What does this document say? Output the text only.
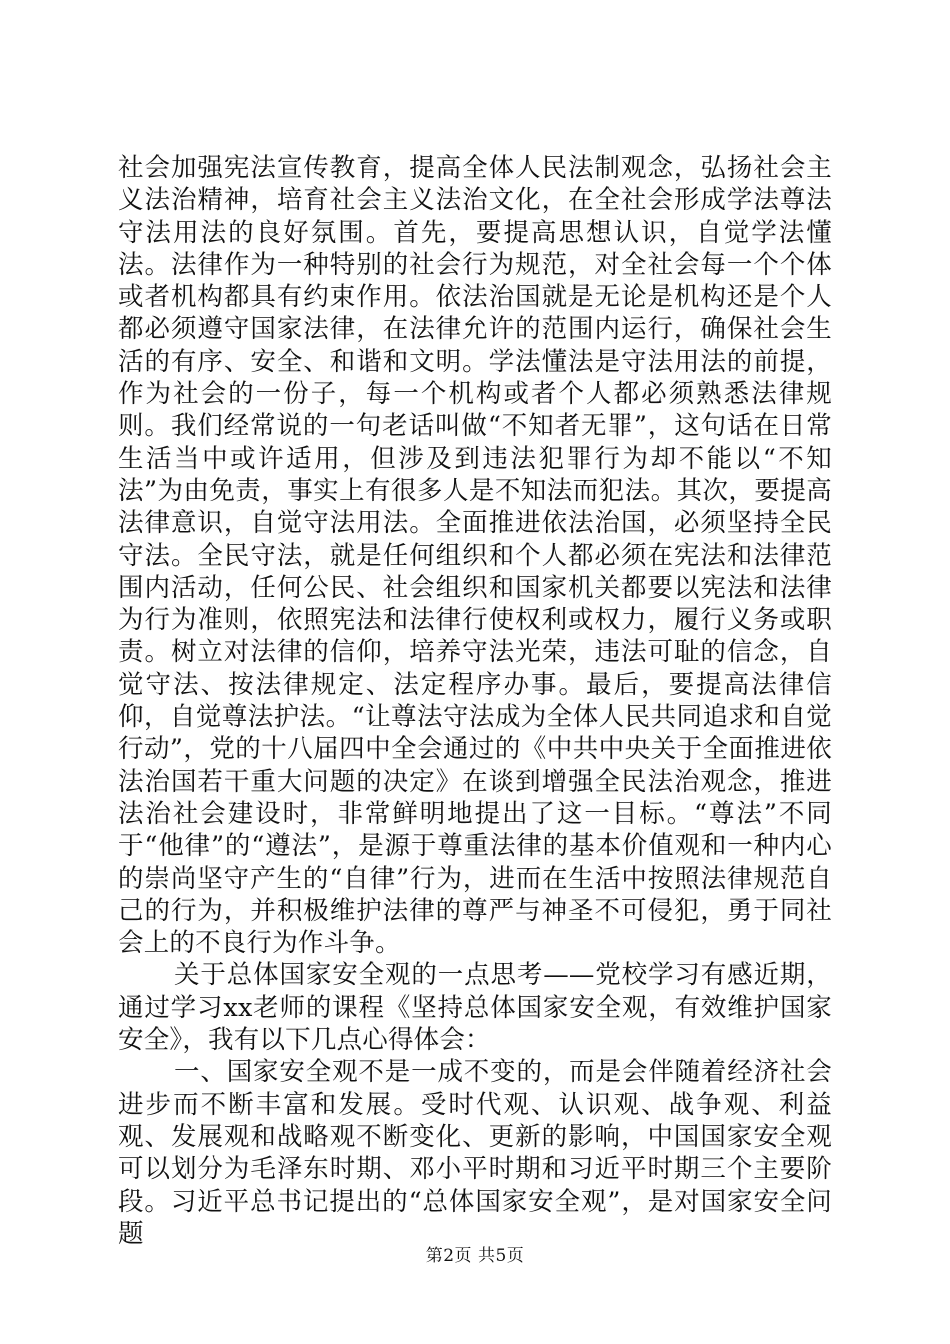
社会加强宪法宣传教育，提高全体人民法制观念，弘扬社会主义法治精神，培育社会主义法治文化，在全社会形成学法尊法守法用法的良好氛围。首先，要提高思想认识，自觉学法懂法。法律作为一种特别的社会行为规范，对全社会每一个个体或者机构都具有约束作用。依法治国就是无论是机构还是个人都必须遵守国家法律，在法律允许的范围内运行，确保社会生活的有序、安全、和谐和文明。学法懂法是守法用法的前提，作为社会的一份子，每一个机构或者个人都必须熟悉法律规则。我们经常说的一句老话叫做“不知者无罪”，这句话在日常生活当中或许适用，但涉及到违法犯罪行为却不能以“不知法”为由免责，事实上有很多人是不知法而犯法。其次，要提高法律意识，自觉守法用法。全面推进依法治国，必须坚持全民守法。全民守法，就是任何组织和个人都必须在宪法和法律范围内活动，任何公民、社会组织和国家机关都要以宪法和法律为行为准则，依照宪法和法律行使权利或权力，履行义务或职责。树立对法律的信仰，培养守法光荣，违法可耻的信念，自觉守法、按法律规定、法定程序办事。最后，要提高法律信仰，自觉尊法护法。“让尊法守法成为全体人民共同追求和自觉行动”，党的十八届四中全会通过的《中共中央关于全面推进依法治国若干重大问题的决定》在谈到增强全民法治观念，推进法治社会建设时，非常鲜明地提出了这一目标。“尊法”不同于“他律”的“遵法”，是源于尊重法律的基本价值观和一种内心的崇尚坚守产生的“自律”行为，进而在生活中按照法律规范自己的行为，并积极维护法律的尊严与神圣不可侵犯，勇于同社会上的不良行为作斗争。

关于总体国家安全观的一点思考——党校学习有感近期，通过学习xx老师的课程《坚持总体国家安全观，有效维护国家安全》，我有以下几点心得体会：

一、国家安全观不是一成不变的，而是会伴随着经济社会进步而不断丰富和发展。受时代观、认识观、战争观、利益观、发展观和战略观不断变化、更新的影响，中国国家安全观可以划分为毛泽东时期、邓小平时期和习近平时期三个主要阶段。习近平总书记提出的“总体国家安全观”，是对国家安全问题

第2页 共5页
